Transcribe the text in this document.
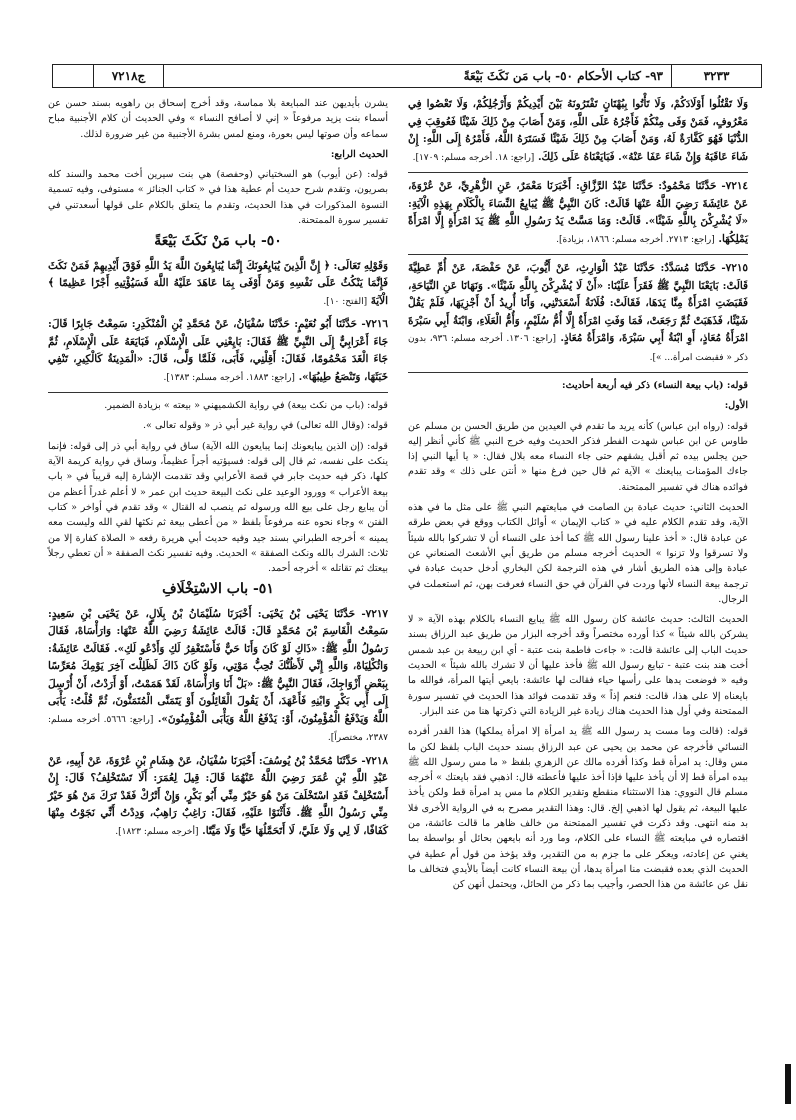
٣٢٣٣
٩٣- كتاب الأحكام ٥٠- باب مَن نَكَثَ بَيْعَةً
ج٧٢١٨

وَلَا تَقْتُلُوا أَوْلَادَكُمْ، وَلَا تَأْتُوا بِبُهْتَانٍ تَفْتَرُونَهُ بَيْنَ أَيْدِيكُمْ وَأَرْجُلِكُمْ، وَلَا تَعْصُوا فِي مَعْرُوفٍ، فَمَنْ وَفَى مِنْكُمْ فَأَجْرُهُ عَلَى اللَّهِ، وَمَنْ أَصَابَ مِنْ ذَلِكَ شَيْئًا فَعُوقِبَ فِي الدُّنْيَا فَهُوَ كَفَّارَةٌ لَهُ، وَمَنْ أَصَابَ مِنْ ذَلِكَ شَيْئًا فَسَتَرَهُ اللَّهُ، فَأَمْرُهُ إِلَى اللَّهِ: إِنْ شَاءَ عَاقَبَهُ وَإِنْ شَاءَ عَفَا عَنْهُ». فَبَايَعْنَاهُ عَلَى ذَلِكَ. [راجع: ١٨. أخرجه مسلم: ١٧٠٩].

٧٢١٤- حَدَّثَنَا مَحْمُودٌ: حَدَّثَنَا عَبْدُ الرَّزَّاقِ: أَخْبَرَنَا مَعْمَرٌ، عَنِ الزُّهْرِيِّ، عَنْ عُرْوَةَ، عَنْ عَائِشَةَ رَضِيَ اللَّهُ عَنْهَا قَالَتْ: كَانَ النَّبِيُّ ﷺ يُبَايِعُ النِّسَاءَ بِالْكَلَامِ بِهَذِهِ الْآيَةِ: «لَا يُشْرِكْنَ بِاللَّهِ شَيْئًا». قَالَتْ: وَمَا مَسَّتْ يَدُ رَسُولِ اللَّهِ ﷺ يَدَ امْرَأَةٍ إِلَّا امْرَأَةً يَمْلِكُهَا. [راجع: ٢٧١٣. أخرجه مسلم: ١٨٦٦، بزيادة].

٧٢١٥- حَدَّثَنَا مُسَدَّدٌ: حَدَّثَنَا عَبْدُ الْوَارِثِ، عَنْ أَيُّوبَ، عَنْ حَفْصَةَ، عَنْ أُمِّ عَطِيَّةَ قَالَتْ: بَايَعْنَا النَّبِيَّ ﷺ فَقَرَأَ عَلَيْنَا: «أَنْ لَا يُشْرِكْنَ بِاللَّهِ شَيْئًا». وَنَهَانَا عَنِ النِّيَاحَةِ، فَقَبَضَتِ امْرَأَةٌ مِنَّا يَدَهَا، فَقَالَتْ: فُلَانَةُ أَسْعَدَتْنِي، وَأَنَا أُرِيدُ أَنْ أَجْزِيَهَا، فَلَمْ يَقُلْ شَيْئًا، فَذَهَبَتْ ثُمَّ رَجَعَتْ، فَمَا وَفَتِ امْرَأَةٌ إِلَّا أُمُّ سُلَيْمٍ، وَأُمُّ الْعَلَاءِ، وَابْنَةُ أَبِي سَبْرَةَ امْرَأَةُ مُعَاذٍ، أَوِ ابْنَةُ أَبِي سَبْرَةَ، وَامْرَأَةُ مُعَاذٍ. [راجع: ١٣٠٦. أخرجه مسلم: ٩٣٦، بدون ذكر « فقبضت امرأة... »].

قوله: (باب بيعة النساء) ذكر فيه أربعة أحاديث:

الأول:

قوله: (رواه ابن عباس) كأنه يريد ما تقدم في العيدين من طريق الحسن بن مسلم عن طاوس عن ابن عباس شهدت الفطر فذكر الحديث وفيه خرج النبي ﷺ كأني أنظر إليه حين يجلس بيده ثم أقبل يشقهم حتى جاء النساء معه بلال فقال: « يا أيها النبي إذا جاءك المؤمنات يبايعنك » الآية ثم قال حين فرغ منها « أنتن على ذلك » وقد تقدم فوائده هناك في تفسير الممتحنة.

الحديث الثاني: حديث عبادة بن الصامت في مبايعتهم النبي ﷺ على مثل ما في هذه الآية، وقد تقدم الكلام عليه في « كتاب الإيمان » أوائل الكتاب ووقع في بعض طرقه عن عبادة قال: « أخذ علينا رسول الله ﷺ كما أخذ على النساء أن لا تشركوا بالله شيئاً ولا تسرقوا ولا تزنوا » الحديث أخرجه مسلم من طريق أبي الأشعث الصنعاني عن عبادة وإلى هذه الطريق أشار في هذه الترجمة لكن البخاري أدخل حديث عبادة في ترجمة بيعة النساء لأنها وردت في القرآن في حق النساء فعرفت بهن، ثم استعملت في الرجال.

الحديث الثالث: حديث عائشة كان رسول الله ﷺ يبايع النساء بالكلام بهذه الآية « لا يشركن بالله شيئاً » كذا أورده مختصراً وقد أخرجه البزار من طريق عبد الرزاق بسند حديث الباب إلى عائشة قالت: « جاءت فاطمة بنت عتبة - أي ابن ربيعة بن عبد شمس أخت هند بنت عتبة - تبايع رسول الله ﷺ فأخذ عليها أن لا تشرك بالله شيئاً » الحديث وفيه « فوضعت يدها على رأسها حياء فقالت لها عائشة: بايعي أيتها المرأة، فوالله ما بايعناه إلا على هذا، قالت: فنعم إذاً » وقد تقدمت فوائد هذا الحديث في تفسير سورة الممتحنة وفي أول هذا الحديث هناك زيادة غير الزيادة التي ذكرتها هنا من عند البزار.

قوله: (قالت وما مست يد رسول الله ﷺ يد امرأة إلا امرأة يملكها) هذا القدر أفرده النسائي فأخرجه عن محمد بن يحيى عن عبد الرزاق بسند حديث الباب بلفظ لكن ما مس وقال: يد امرأة قط وكذا أفرده مالك عن الزهري بلفظ « ما مس رسول الله ﷺ بيده امرأة قط إلا أن يأخذ عليها فإذا أخذ عليها فأعطته قال: اذهبي فقد بايعتك » أخرجه مسلم قال النووي: هذا الاستثناء منقطع وتقدير الكلام ما مس يد امرأة قط ولكن يأخذ عليها البيعة، ثم يقول لها اذهبي إلخ. قال: وهذا التقدير مصرح به في الرواية الأخرى فلا بد منه انتهى. وقد ذكرت في تفسير الممتحنة من خالف ظاهر ما قالت عائشة، من اقتصاره في مبايعته ﷺ النساء على الكلام، وما ورد أنه بايعهن بحائل أو بواسطة بما يغني عن إعادته، ويعكر على ما جزم به من التقدير، وقد يؤخذ من قول أم عطية في الحديث الذي بعده فقبضت منا امرأة يدها، أن بيعة النساء كانت أيضاً بالأيدي فتخالف ما نقل عن عائشة من هذا الحصر، وأجيب بما ذكر من الحائل، ويحتمل أنهن كن

يشرن بأيديهن عند المبايعة بلا مماسة، وقد أخرج إسحاق بن راهويه بسند حسن عن أسماء بنت يزيد مرفوعاً « إني لا أصافح النساء » وفي الحديث أن كلام الأجنبية مباح سماعه وأن صوتها ليس بعورة، ومنع لمس بشرة الأجنبية من غير ضرورة لذلك.

الحديث الرابع:

قوله: (عن أيوب) هو السختياني (وحفصة) هي بنت سيرين أخت محمد والسند كله بصريون، وتقدم شرح حديث أم عطية هذا في « كتاب الجنائز » مستوفى، وفيه تسمية النسوة المذكورات في هذا الحديث، وتقدم ما يتعلق بالكلام على قولها أسعدتني في تفسير سورة الممتحنة.

٥٠- باب مَنْ نَكَثَ بَيْعَةً

وَقَوْلِهِ تَعَالَى: ﴿ إِنَّ الَّذِينَ يُبَايِعُونَكَ إِنَّمَا يُبَايِعُونَ اللَّهَ يَدُ اللَّهِ فَوْقَ أَيْدِيهِمْ فَمَنْ نَكَثَ فَإِنَّمَا يَنْكُثُ عَلَى نَفْسِهِ وَمَنْ أَوْفَى بِمَا عَاهَدَ عَلَيْهُ اللَّهَ فَسَيُؤْتِيهِ أَجْرًا عَظِيمًا ﴾ الْآيَةَ [الفتح: ١٠].

٧٢١٦- حَدَّثَنَا أَبُو نُعَيْمٍ: حَدَّثَنَا سُفْيَانُ، عَنْ مُحَمَّدِ بْنِ الْمُنْكَدِرِ: سَمِعْتُ جَابِرًا قَالَ: جَاءَ أَعْرَابِيٌّ إِلَى النَّبِيِّ ﷺ فَقَالَ: بَايِعْنِي عَلَى الْإِسْلَامِ، فَبَايَعَهُ عَلَى الْإِسْلَامِ، ثُمَّ جَاءَ الْغَدَ مَحْمُومًا، فَقَالَ: أَقِلْنِي، فَأَبَى، فَلَمَّا وَلَّى، قَالَ: «الْمَدِينَةُ كَالْكِيرِ، تَنْفِي خَبَثَهَا، وَتَنْصَعُ طِيبُهَا». [راجع: ١٨٨٣. أخرجه مسلم: ١٣٨٣].

قوله: (باب من نكث بيعة) في رواية الكشميهني « بيعته » بزيادة الضمير.

قوله: (وقال الله تعالى) في رواية غير أبي ذر « وقوله تعالى ».

قوله: (إن الذين يبايعونك إنما يبايعون الله الآية) ساق في رواية أبي ذر إلى قوله: فإنما ينكث على نفسه، ثم قال إلى قوله: فسيؤتيه أجراً عظيماً، وساق في رواية كريمة الآية كلها، ذكر فيه حديث جابر في قصة الأعرابي وقد تقدمت الإشارة إليه قريباً في « باب بيعة الأعراب » وورود الوعيد على نكث البيعة حديث ابن عمر « لا أعلم غدراً أعظم من أن يبايع رجل على بيع الله ورسوله ثم ينصب له القتال » وقد تقدم في أواخر « كتاب الفتن » وجاء نحوه عنه مرفوعاً بلفظ « من أعطى بيعة ثم نكثها لقي الله وليست معه يمينه » أخرجه الطبراني بسند جيد وفيه حديث أبي هريرة رفعه « الصلاة كفارة إلا من ثلاث: الشرك بالله ونكث الصفقة » الحديث. وفيه تفسير نكث الصفقة « أن تعطي رجلاً بيعتك ثم تقاتله » أخرجه أحمد.

٥١- باب الاسْتِخْلَافِ

٧٢١٧- حَدَّثَنَا يَحْيَى بْنُ يَحْيَى: أَخْبَرَنَا سُلَيْمَانُ بْنُ بِلَالٍ، عَنْ يَحْيَى بْنِ سَعِيدٍ: سَمِعْتُ الْقَاسِمَ بْنَ مُحَمَّدٍ قَالَ: قَالَتْ عَائِشَةُ رَضِيَ اللَّهُ عَنْهَا: وَارَأْسَاهْ، فَقَالَ رَسُولُ اللَّهِ ﷺ: «ذَاكِ لَوْ كَانَ وَأَنَا حَيٌّ فَأَسْتَغْفِرُ لَكِ وَأَدْعُو لَكِ». فَقَالَتْ عَائِشَةُ: وَاثُكْلِيَاهْ، وَاللَّهِ إِنِّي لَأَظُنُّكَ تُحِبُّ مَوْتِي، وَلَوْ كَانَ ذَاكَ لَظَلِلْتَ آخِرَ يَوْمِكَ مُعَرِّسًا بِبَعْضِ أَزْوَاجِكَ، فَقَالَ النَّبِيُّ ﷺ: «بَلْ أَنَا وَارَأْسَاهْ، لَقَدْ هَمَمْتُ، أَوْ أَرَدْتُ، أَنْ أُرْسِلَ إِلَى أَبِي بَكْرٍ وَابْنِهِ فَأَعْهَدَ، أَنْ يَقُولَ الْقَائِلُونَ أَوْ يَتَمَنَّى الْمُتَمَنُّونَ، ثُمَّ قُلْتُ: يَأْبَى اللَّهُ وَيَدْفَعُ الْمُؤْمِنُونَ، أَوْ: يَدْفَعُ اللَّهُ وَيَأْبَى الْمُؤْمِنُونَ». [راجع: ٥٦٦٦. أخرجه مسلم: ٢٣٨٧، مختصراً].

٧٢١٨- حَدَّثَنَا مُحَمَّدُ بْنُ يُوسُفَ: أَخْبَرَنَا سُفْيَانُ، عَنْ هِشَامِ بْنِ عُرْوَةَ، عَنْ أَبِيهِ، عَنْ عَبْدِ اللَّهِ بْنِ عُمَرَ رَضِيَ اللَّهُ عَنْهُمَا قَالَ: قِيلَ لِعُمَرَ: أَلَا تَسْتَخْلِفُ؟ قَالَ: إِنْ أَسْتَخْلِفْ فَقَدِ اسْتَخْلَفَ مَنْ هُوَ خَيْرٌ مِنِّي أَبُو بَكْرٍ، وَإِنْ أَتْرُكْ فَقَدْ تَرَكَ مَنْ هُوَ خَيْرٌ مِنِّي رَسُولُ اللَّهِ ﷺ. فَأَثْنَوْا عَلَيْهِ، فَقَالَ: رَاغِبٌ رَاهِبٌ، وَدِدْتُ أَنِّي نَجَوْتُ مِنْهَا كَفَافًا، لَا لِي وَلَا عَلَيَّ، لَا أَتَحَمَّلُهَا حَيًّا وَلَا مَيِّتًا. [أخرجه مسلم: ١٨٢٣].
